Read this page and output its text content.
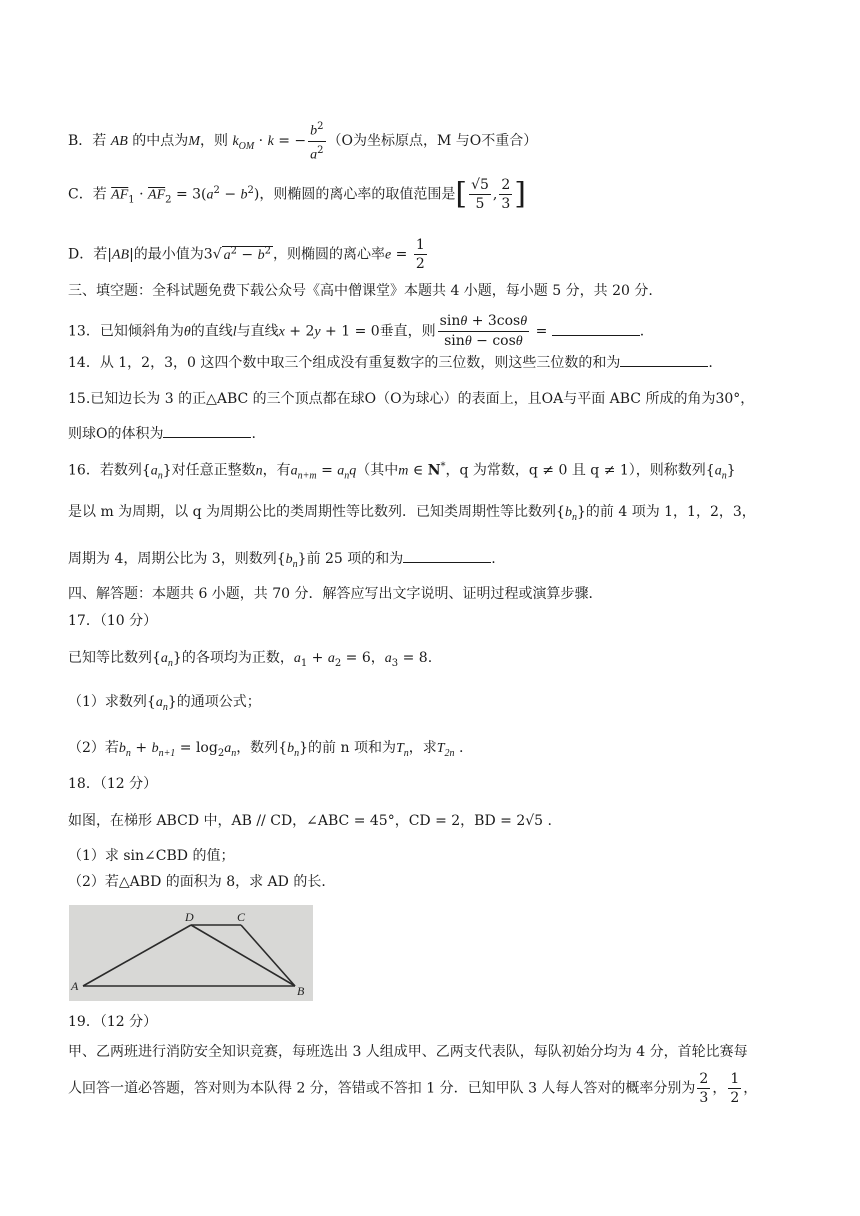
B．若 AB 的中点为M，则 $k_{OM} \cdot k$ = − $\frac{b^2}{a^2} (O$为坐标原点，M 与O不重合）
C．若 $\overline{AF}_1 \cdot \overline{AF}_2 = 3(a^2 - b^2)$，则椭圆的离心率的取值范围是[ $\frac{√5}{5}$ , $\frac{2}{3}$ ]
D．若|AB|的最小值为3√ $a^2 - b^2$ ，则椭圆的离心率$e = \frac{1}{2}$
三、填空题：全科试题免费下载公众号《高中僧课堂》本题共 4 小题，每小题 5 分，共 20 分.
13．已知倾斜角为θ的直线l与直线x + 2y + 1 = 0垂直，则 $\frac{\sin\theta + 3\cos\theta}{\sin\theta - \cos\theta}$ =	.
14．从 1，2，3，0 这四个数中取三个组成没有重复数字的三位数，则这些三位数的和为	.
15.已知边长为 3 的正△ABC 的三个顶点都在球O（O为球心）的表面上，且OA与平面 ABC 所成的角为30°，
则球O的体积为	.
16．若数列$\{a_n\}$对任意正整数n，有$a_{n+m} = a_nq$（其中m ∈ N*，q 为常数，q ≠ 0 且 q ≠ 1），则称数列$\{a_n\}$
是以 m 为周期，以 q 为周期公比的类周期性等比数列．已知类周期性等比数列$\{b_n\}$的前 4 项为 1，1，2，3，
周期为 4，周期公比为 3，则数列$\{b_n\}$前 25 项的和为	.
四、解答题：本题共 6 小题，共 70 分．解答应写出文字说明、证明过程或演算步骤．
17．（10 分）
已知等比数列$\{a_n\}$的各项均为正数，$a_1 + a_2 = 6$，$a_3 = 8$.
（1）求数列$\{a_n\}$的通项公式；
（2）若$b_n + b_{n+1} = \log_2a_n$，数列$\{b_n\}$的前 n 项和为$T_n$，求$T_{2n}$ .
18．（12 分）
如图，在梯形 ABCD 中，AB // CD，∠ABC = 45°，CD = 2，BD = 2√5 .
（1）求 sin∠CBD 的值；
（2）若△ABD 的面积为 8，求 AD 的长．
A	B
C
D
19．（12 分）
甲、乙两班进行消防安全知识竞赛，每班选出 3 人组成甲、乙两支代表队，每队初始分均为 4 分，首轮比赛每
人回答一道必答题，答对则为本队得 2 分，答错或不答扣 1 分．已知甲队 3 人每人答对的概率分别为 $\frac{2}{3}$ ， $\frac{1}{2}$ ，
